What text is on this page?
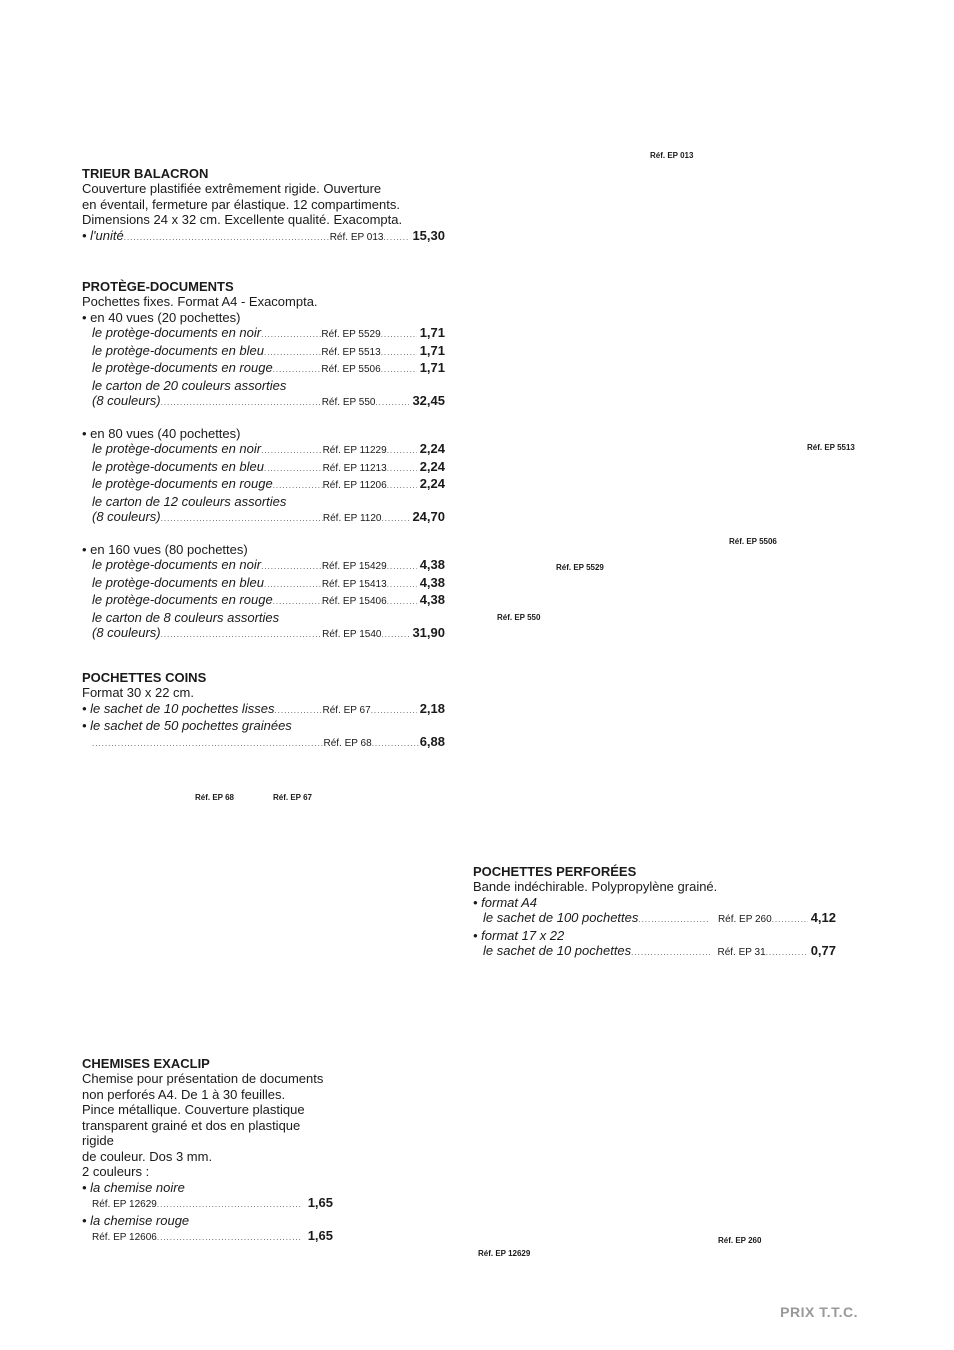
TRIEUR BALACRON
Couverture plastifiée extrêmement rigide. Ouverture
en éventail, fermeture par élastique. 12 compartiments.
Dimensions 24 x 32 cm. Excellente qualité. Exacompta.
• l'unité .....	Réf. EP 013 ..... 15,30
PROTÈGE-DOCUMENTS
Pochettes fixes. Format A4 - Exacompta.
• en 40 vues (20 pochettes)
le protège-documents en noir .....	Réf. EP 5529 .....	1,71
le protège-documents en bleu .....	Réf. EP 5513 .....	1,71
le protège-documents en rouge .....	Réf. EP 5506 .....	1,71
le carton de 20 couleurs assorties
(8 couleurs) .....	Réf. EP 550 .....	32,45
• en 80 vues (40 pochettes)
le protège-documents en noir .....	Réf. EP 11229 .....	2,24
le protège-documents en bleu .....	Réf. EP 11213 .....	2,24
le protège-documents en rouge .....	Réf. EP 11206 .....	2,24
le carton de 12 couleurs assorties
(8 couleurs) .....	Réf. EP 1120 ..... 24,70
• en 160 vues (80 pochettes)
le protège-documents en noir .....	Réf. EP 15429 .....	4,38
le protège-documents en bleu .....	Réf. EP 15413 .....	4,38
le protège-documents en rouge .....	Réf. EP 15406 .....	4,38
le carton de 8 couleurs assorties
(8 couleurs) .....	Réf. EP 1540 ..... 31,90
POCHETTES COINS
Format 30 x 22 cm.
• le sachet de 10 pochettes lisses .....	Réf. EP 67 .....	2,18
• le sachet de 50 pochettes grainées
.....
Réf. EP 68 .....	6,88
POCHETTES PERFORÉES
Bande indéchirable. Polypropylène grainé.
• format A4
le sachet de 100 pochettes .....	Réf. EP 260 .....	4,12
• format 17 x 22
le sachet de 10 pochettes .....	Réf. EP 31 .....	0,77
CHEMISES EXACLIP
Chemise pour présentation de documents
non perforés A4. De 1 à 30 feuilles.
Pince métallique. Couverture plastique
transparent grainé et dos en plastique rigide
de couleur. Dos 3 mm.
2 couleurs :
• la chemise noire
Réf. EP 12629 .....	1,65
• la chemise rouge
Réf. EP 12606 .....	1,65
Réf. EP 013
Réf. EP 5513
Réf. EP 5506
Réf. EP 5529
Réf. EP 550
Réf. EP 68	Réf. EP 67
Réf. EP 260
Réf. EP 12629
PRIX T.T.C.
